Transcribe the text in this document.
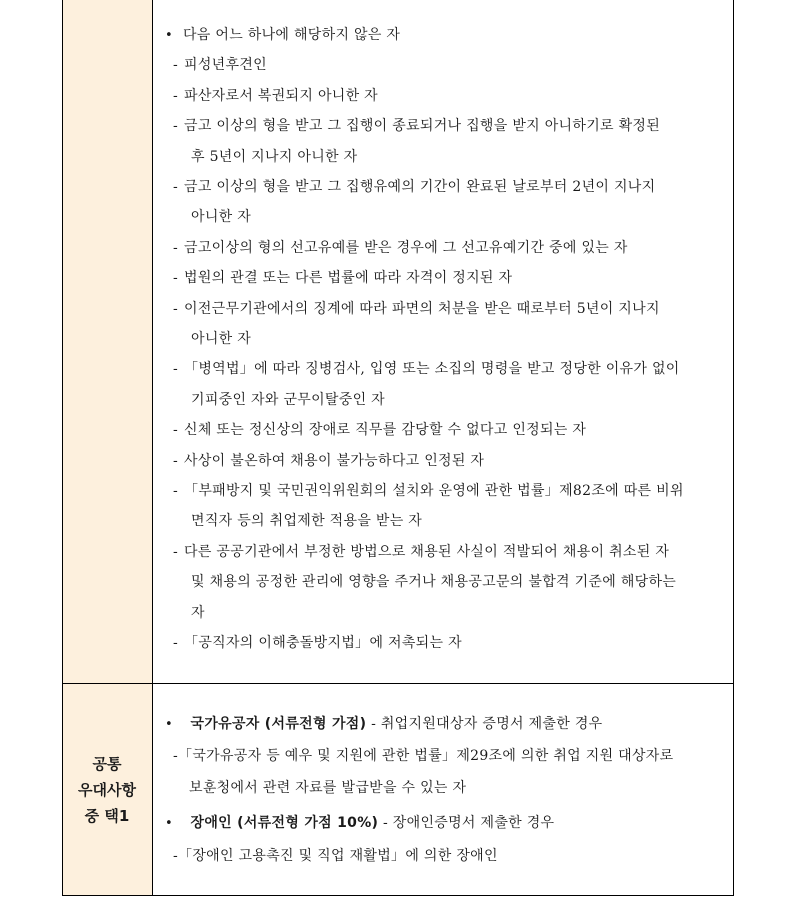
• 다음 어느 하나에 해당하지 않은 자
- 피성년후견인
- 파산자로서 복권되지 아니한 자
- 금고 이상의 형을 받고 그 집행이 종료되거나 집행을 받지 아니하기로 확정된
후 5년이 지나지 아니한 자
- 금고 이상의 형을 받고 그 집행유예의 기간이 완료된 날로부터 2년이 지나지
아니한 자
- 금고이상의 형의 선고유예를 받은 경우에 그 선고유예기간 중에 있는 자
- 법원의 관결 또는 다른 법률에 따라 자격이 정지된 자
- 이전근무기관에서의 징계에 따라 파면의 처분을 받은 때로부터 5년이 지나지
아니한 자
- 「병역법」에 따라 징병검사, 입영 또는 소집의 명령을 받고 정당한 이유가 없이
기피중인 자와 군무이탈중인 자
- 신체 또는 정신상의 장애로 직무를 감당할 수 없다고 인정되는 자
- 사상이 불온하여 채용이 불가능하다고 인정된 자
- 「부패방지 및 국민권익위원회의 설치와 운영에 관한 법률」제82조에 따른 비위
면직자 등의 취업제한 적용을 받는 자
- 다른 공공기관에서 부정한 방법으로 채용된 사실이 적발되어 채용이 취소된 자
및 채용의 공정한 관리에 영향을 주거나 채용공고문의 불합격 기준에 해당하는
자
- 「공직자의 이해충돌방지법」에 저촉되는 자
공통
우대사항
중 택1
• 국가유공자 (서류전형 가점) - 취업지원대상자 증명서 제출한 경우
-「국가유공자 등 예우 및 지원에 관한 법률」제29조에 의한 취업 지원 대상자로
보훈청에서 관련 자료를 발급받을 수 있는 자
• 장애인 (서류전형 가점 10%) - 장애인증명서 제출한 경우
-「장애인 고용촉진 및 직업 재활법」에 의한 장애인
